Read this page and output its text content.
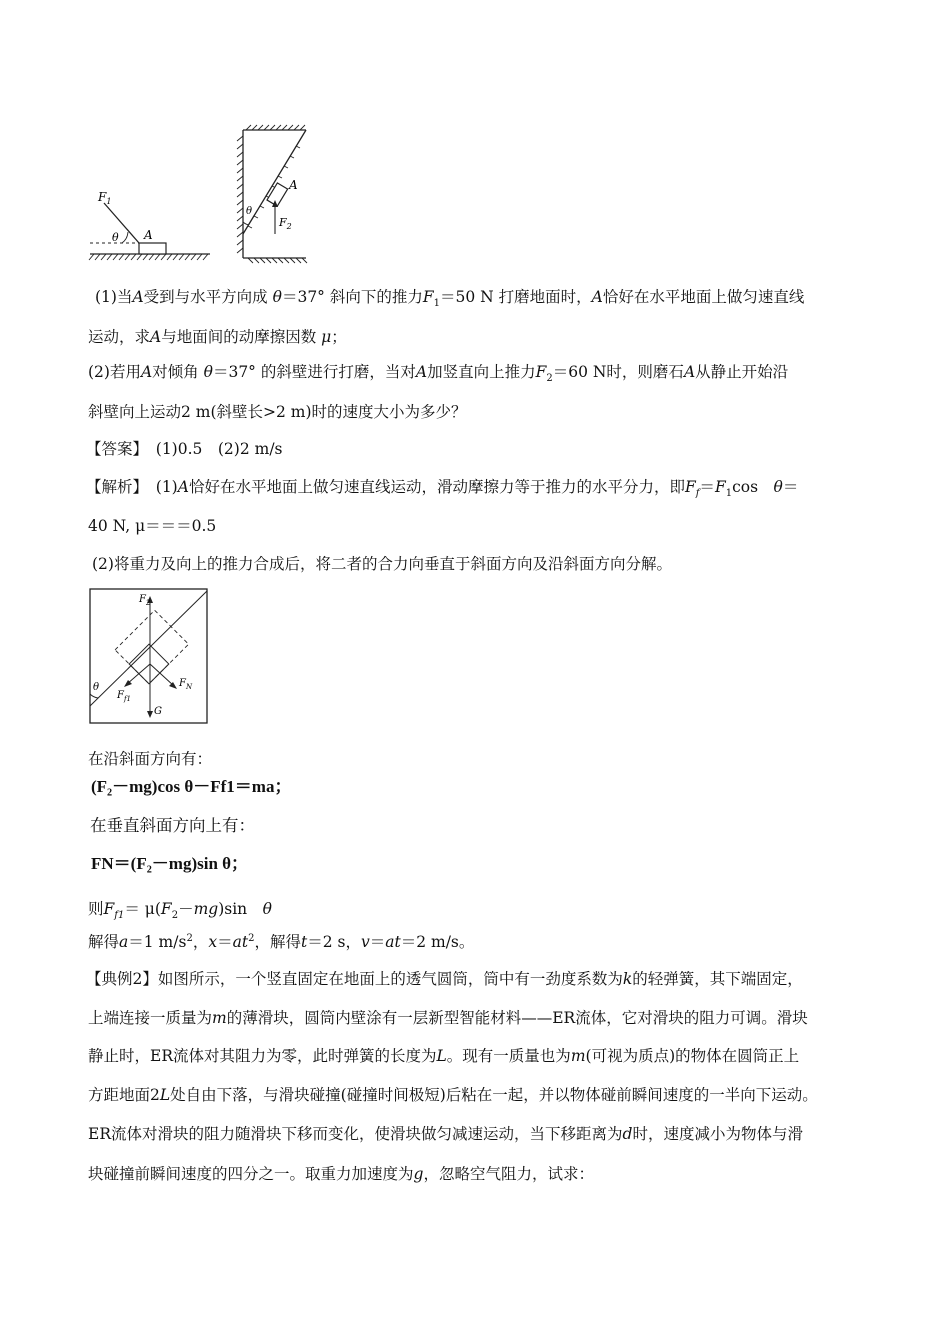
$F_1$
θ A
θ
A
$F_2$
(1)当A受到与水平方向成 θ＝37° 斜向下的推力$F_1=50$ N 打磨地面时，A恰好在水平地面上做匀速直线
运动，求A与地面间的动摩擦因数 μ；
(2)若用A对倾角 θ＝37° 的斜壁进行打磨，当对A加竖直向上推力$F_2=60$ N时，则磨石A从静止开始沿
斜壁向上运动2 m(斜壁长>2 m)时的速度大小为多少？
【答案】　(1)0.5　(2)2 m/s
【解析】　(1)A恰好在水平地面上做匀速直线运动，滑动摩擦力等于推力的水平分力，即$F_f=F_1\cos$　θ＝
40 N, μ＝＝＝0.5
(2)将重力及向上的推力合成后，将二者的合力向垂直于斜面方向及沿斜面方向分解。
$F_2$
$F_N$
$F_{f1}$
G
θ
在沿斜面方向有：
(F₂－mg)cos θ－Ff1＝ma；
在垂直斜面方向上有：
FN＝(F₂－mg)sin θ；
则$F_{f1}= \mu(F_2-mg)\sin$　θ
解得a＝1 $m/s^2$，$x=at^2$，解得t＝2 s，v＝at＝2 m/s。
【典例2】如图所示，一个竖直固定在地面上的透气圆筒，筒中有一劲度系数为k的轻弹簧，其下端固定，
上端连接一质量为m的薄滑块，圆筒内壁涂有一层新型智能材料——ER流体，它对滑块的阻力可调。滑块
静止时，ER流体对其阻力为零，此时弹簧的长度为L。现有一质量也为m(可视为质点)的物体在圆筒正上
方距地面2L处自由下落，与滑块碰撞(碰撞时间极短)后粘在一起，并以物体碰前瞬间速度的一半向下运动。
ER流体对滑块的阻力随滑块下移而变化，使滑块做匀减速运动，当下移距离为d时，速度减小为物体与滑
块碰撞前瞬间速度的四分之一。取重力加速度为g，忽略空气阻力，试求：
